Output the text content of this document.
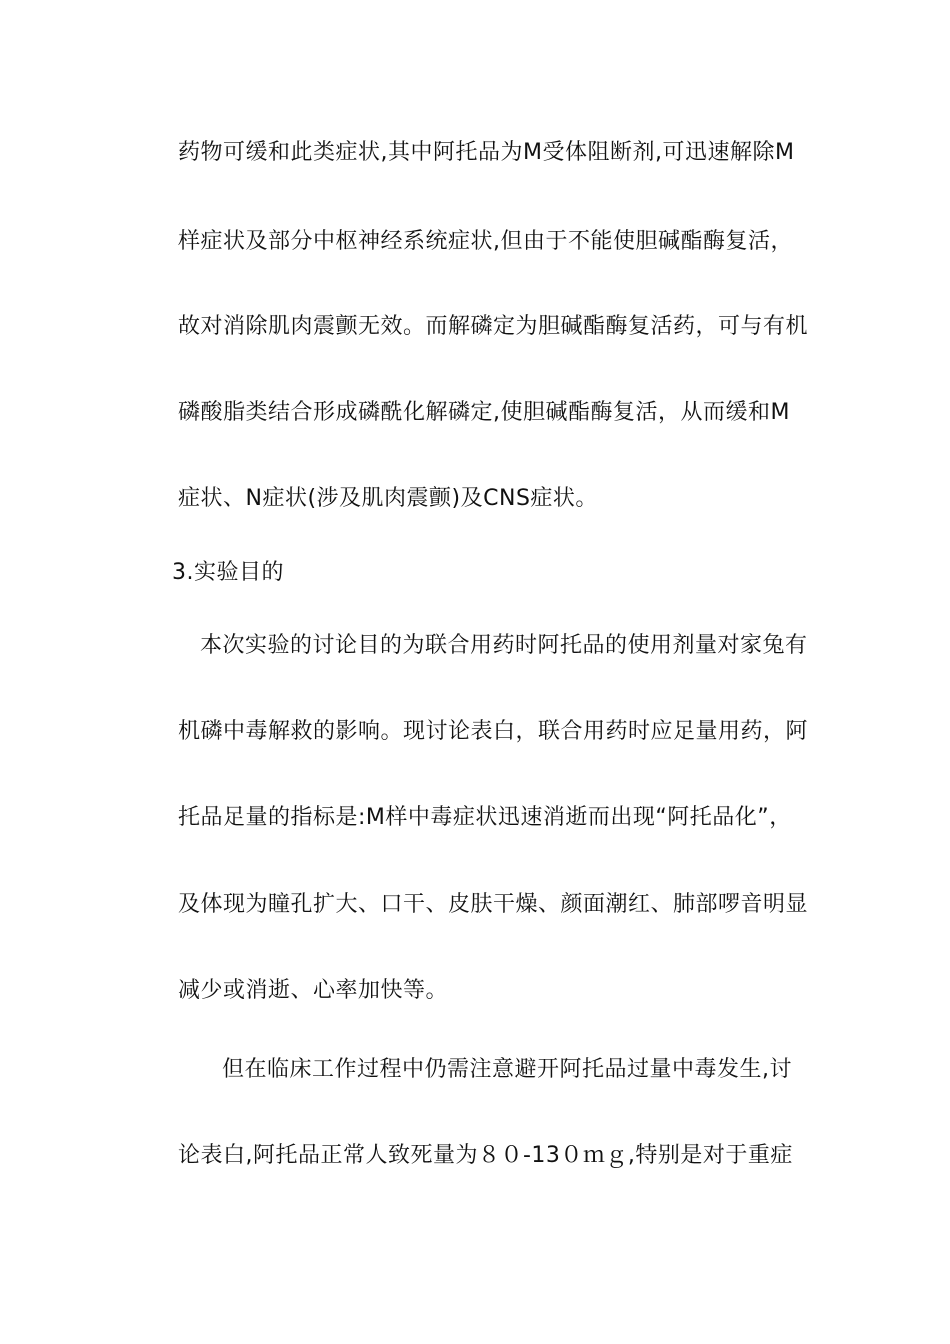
药物可缓和此类症状,其中阿托品为M受体阻断剂,可迅速解除M
样症状及部分中枢神经系统症状,但由于不能使胆碱酯酶复活，
故对消除肌肉震颤无效。而解磷定为胆碱酯酶复活药，可与有机
磷酸脂类结合形成磷酰化解磷定,使胆碱酯酶复活，从而缓和M
症状、N症状(涉及肌肉震颤)及CNS症状。
3.实验目的
本次实验的讨论目的为联合用药时阿托品的使用剂量对家兔有
机磷中毒解救的影响。现讨论表白，联合用药时应足量用药，阿
托品足量的指标是:M样中毒症状迅速消逝而出现“阿托品化”，
及体现为瞳孔扩大、口干、皮肤干燥、颜面潮红、肺部啰音明显
减少或消逝、心率加快等。
但在临床工作过程中仍需注意避开阿托品过量中毒发生,讨
论表白,阿托品正常人致死量为８０-13０ｍｇ,特别是对于重症
